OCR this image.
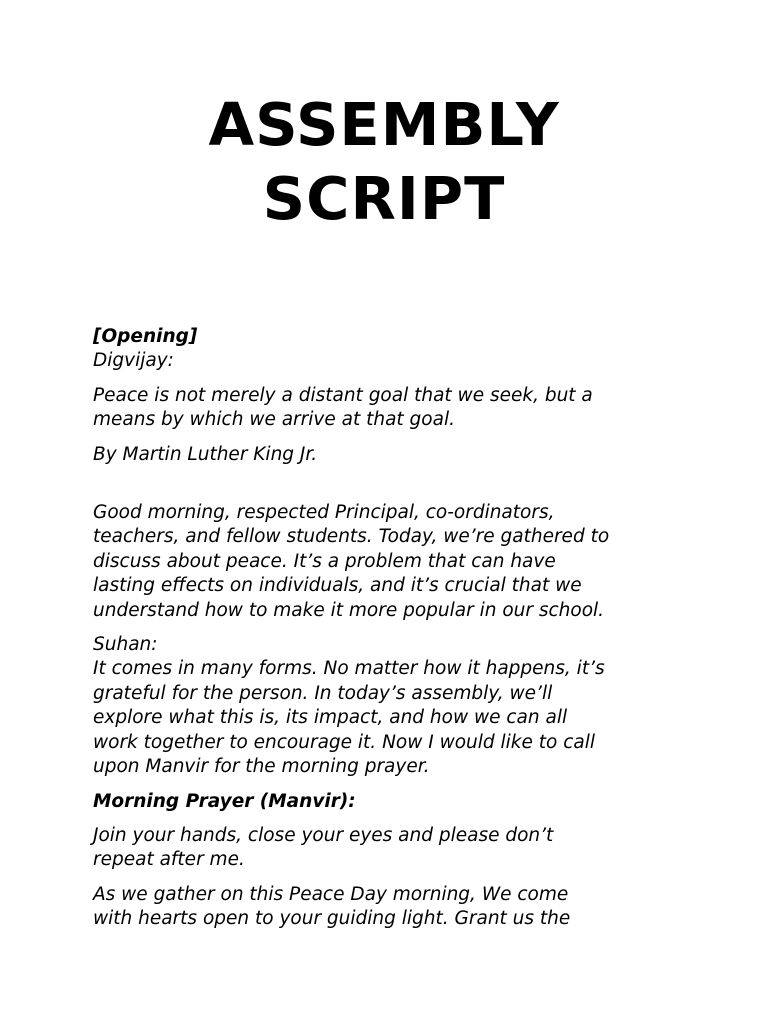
ASSEMBLY
SCRIPT
[Opening]

Digvijay:

Peace is not merely a distant goal that we seek, but a
means by which we arrive at that goal.

By Martin Luther King Jr.

Good morning, respected Principal, co-ordinators,
teachers, and fellow students. Today, we’re gathered to
discuss about peace. It’s a problem that can have
lasting effects on individuals, and it’s crucial that we
understand how to make it more popular in our school.

Suhan:
It comes in many forms. No matter how it happens, it’s
grateful for the person. In today’s assembly, we’ll
explore what this is, its impact, and how we can all
work together to encourage it. Now I would like to call
upon Manvir for the morning prayer.

Morning Prayer (Manvir):

Join your hands, close your eyes and please don’t
repeat after me.

As we gather on this Peace Day morning, We come
with hearts open to your guiding light. Grant us the
